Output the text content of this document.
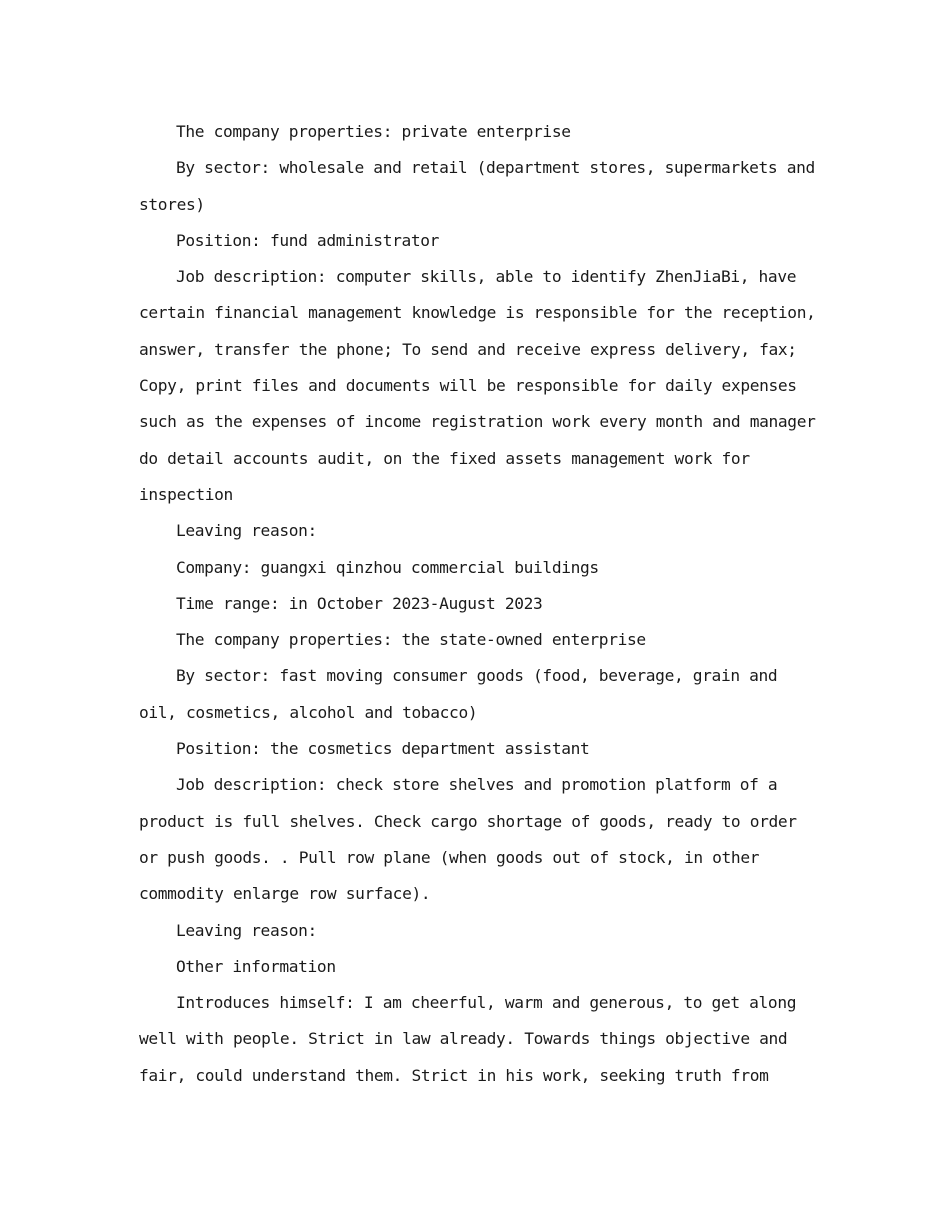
The company properties: private enterprise

By sector: wholesale and retail (department stores, supermarkets and
stores)

Position: fund administrator

Job description: computer skills, able to identify ZhenJiaBi, have
certain financial management knowledge is responsible for the reception,
answer, transfer the phone; To send and receive express delivery, fax;
Copy, print files and documents will be responsible for daily expenses
such as the expenses of income registration work every month and manager
do detail accounts audit, on the fixed assets management work for
inspection

Leaving reason:

Company: guangxi qinzhou commercial buildings

Time range: in October 2023-August 2023

The company properties: the state-owned enterprise

By sector: fast moving consumer goods (food, beverage, grain and
oil, cosmetics, alcohol and tobacco)

Position: the cosmetics department assistant

Job description: check store shelves and promotion platform of a
product is full shelves. Check cargo shortage of goods, ready to order
or push goods. . Pull row plane (when goods out of stock, in other
commodity enlarge row surface).

Leaving reason:

Other information

Introduces himself: I am cheerful, warm and generous, to get along
well with people. Strict in law already. Towards things objective and
fair, could understand them. Strict in his work, seeking truth from
